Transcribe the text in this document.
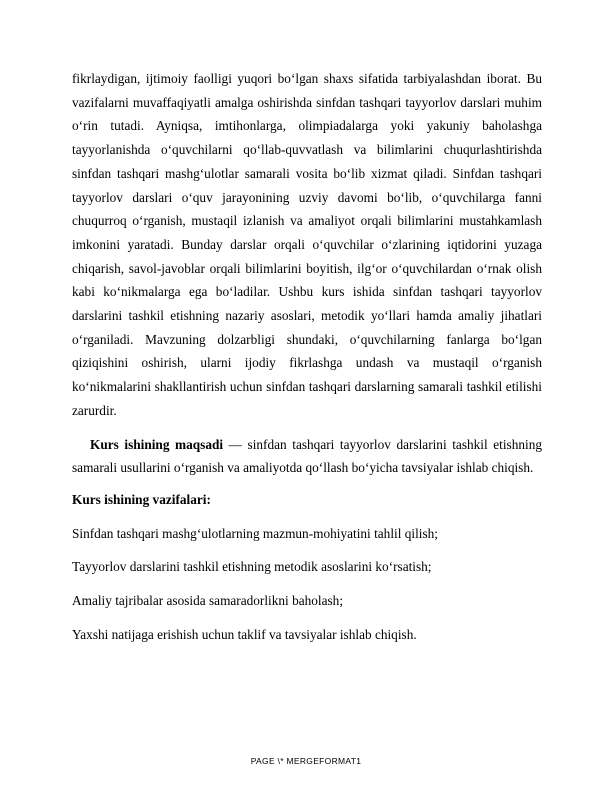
fikrlaydigan, ijtimoiy faolligi yuqori bo‘lgan shaxs sifatida tarbiyalashdan iborat. Bu vazifalarni muvaffaqiyatli amalga oshirishda sinfdan tashqari tayyorlov darslari muhim o‘rin tutadi. Ayniqsa, imtihonlarga, olimpiadalarga yoki yakuniy baholashga tayyorlanishda o‘quvchilarni qo‘llab-quvvatlash va bilimlarini chuqurlashtirishda sinfdan tashqari mashg‘ulotlar samarali vosita bo‘lib xizmat qiladi. Sinfdan tashqari tayyorlov darslari o‘quv jarayonining uzviy davomi bo‘lib, o‘quvchilarga fanni chuqurroq o‘rganish, mustaqil izlanish va amaliyot orqali bilimlarini mustahkamlash imkonini yaratadi. Bunday darslar orqali o‘quvchilar o‘zlarining iqtidorini yuzaga chiqarish, savol-javoblar orqali bilimlarini boyitish, ilg‘or o‘quvchilardan o‘rnak olish kabi ko‘nikmalarga ega bo‘ladilar. Ushbu kurs ishida sinfdan tashqari tayyorlov darslarini tashkil etishning nazariy asoslari, metodik yo‘llari hamda amaliy jihatlari o‘rganiladi. Mavzuning dolzarbligi shundaki, o‘quvchilarning fanlarga bo‘lgan qiziqishini oshirish, ularni ijodiy fikrlashga undash va mustaqil o‘rganish ko‘nikmalarini shakllantirish uchun sinfdan tashqari darslarning samarali tashkil etilishi zarurdir.

Kurs ishining maqsadi — sinfdan tashqari tayyorlov darslarini tashkil etishning samarali usullarini o‘rganish va amaliyotda qo‘llash bo‘yicha tavsiyalar ishlab chiqish.

Kurs ishining vazifalari:

Sinfdan tashqari mashg‘ulotlarning mazmun-mohiyatini tahlil qilish;

Tayyorlov darslarini tashkil etishning metodik asoslarini ko‘rsatish;

Amaliy tajribalar asosida samaradorlikni baholash;

Yaxshi natijaga erishish uchun taklif va tavsiyalar ishlab chiqish.

PAGE \* MERGEFORMAT1
